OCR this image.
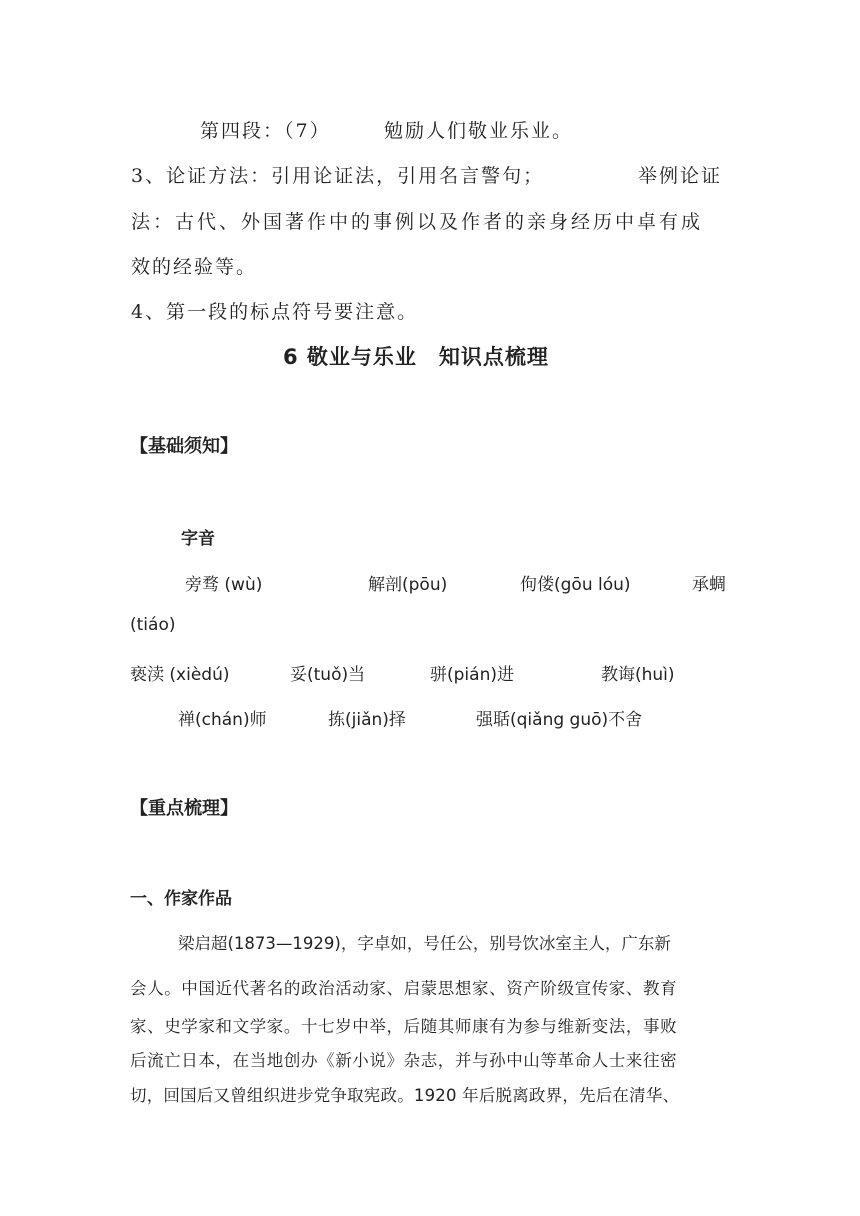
第四段：（7）	勉励人们敬业乐业。
3、论证方法：引用论证法，引用名言警句；	举例论证
法：古代、外国著作中的事例以及作者的亲身经历中卓有成
效的经验等。
4、第一段的标点符号要注意。
6 敬业与乐业　知识点梳理
【基础须知】
字音
旁骛 (wù)	解剖(pōu)	佝偻(gōu lóu)	承蜩
(tiáo)
亵渎 (xièdú)	妥(tuǒ)当	骈(pián)进	教诲(huì)
禅(chán)师	拣(jiǎn)择	强聒(qiǎng guō)不舍
【重点梳理】
一、作家作品
梁启超(1873—1929)，字卓如，号任公，别号饮冰室主人，广东新
会人。中国近代著名的政治活动家、启蒙思想家、资产阶级宣传家、教育
家、史学家和文学家。十七岁中举，后随其师康有为参与维新变法，事败
后流亡日本，在当地创办《新小说》杂志，并与孙中山等革命人士来往密
切，回国后又曾组织进步党争取宪政。1920 年后脱离政界，先后在清华、
